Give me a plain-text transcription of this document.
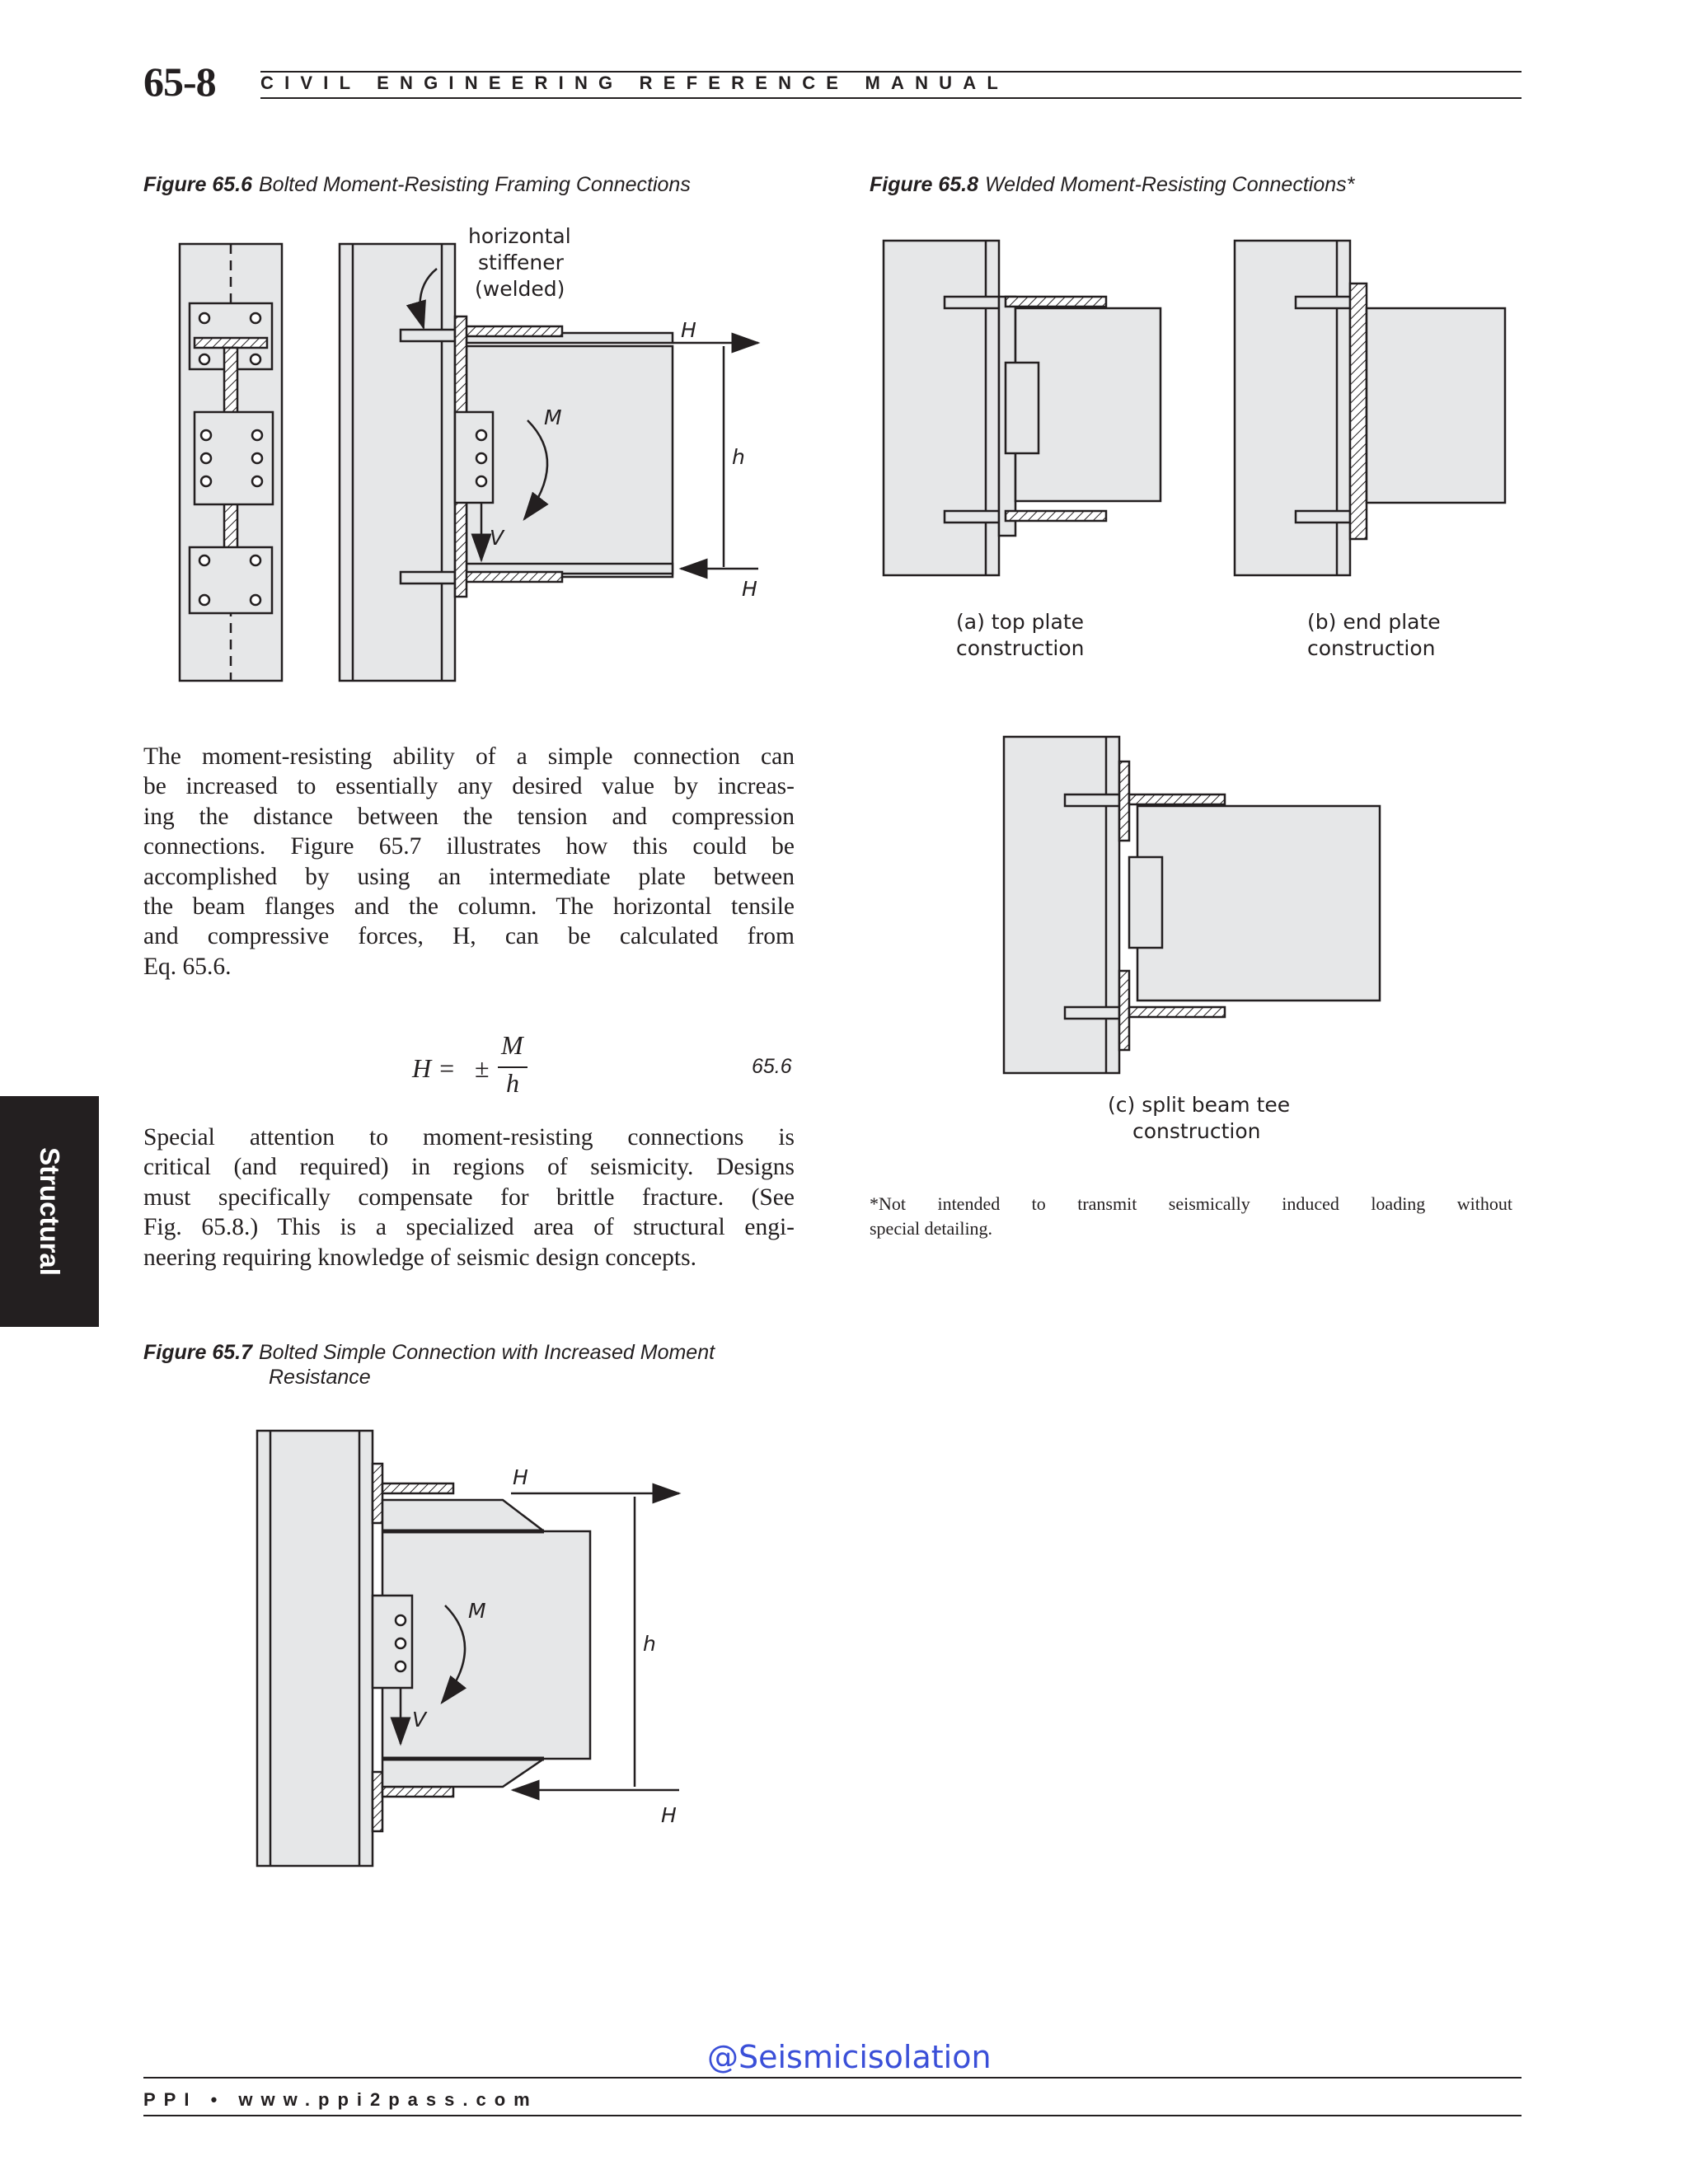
65-8 CIVIL ENGINEERING REFERENCE MANUAL
Figure 65.6 Bolted Moment-Resisting Framing Connections	Figure 65.8 Welded Moment-Resisting Connections*
horizontal
stiffener
(welded)
H
H
h
M
V
(a) top plate
construction
(b) end plate
construction
(c) split beam tee
construction
*Not intended to transmit seismically induced loading without
special detailing.
The moment-resisting ability of a simple connection can
be increased to essentially any desired value by increas-
ing the distance between the tension and compression
connections. Figure 65.7 illustrates how this could be
accomplished by using an intermediate plate between
the beam flanges and the column. The horizontal tensile
and compressive forces, H, can be calculated from
Eq. 65.6.
H = ±
M
h
65.6
Special attention to moment-resisting connections is
critical (and required) in regions of seismicity. Designs
must specifically compensate for brittle fracture. (See
Fig. 65.8.) This is a specialized area of structural engi-
neering requiring knowledge of seismic design concepts.
Structural
Figure 65.7 Bolted Simple Connection with Increased Moment
Resistance
H
H
h
M
V

@Seismicisolation
PPI • www.ppi2pass.com
